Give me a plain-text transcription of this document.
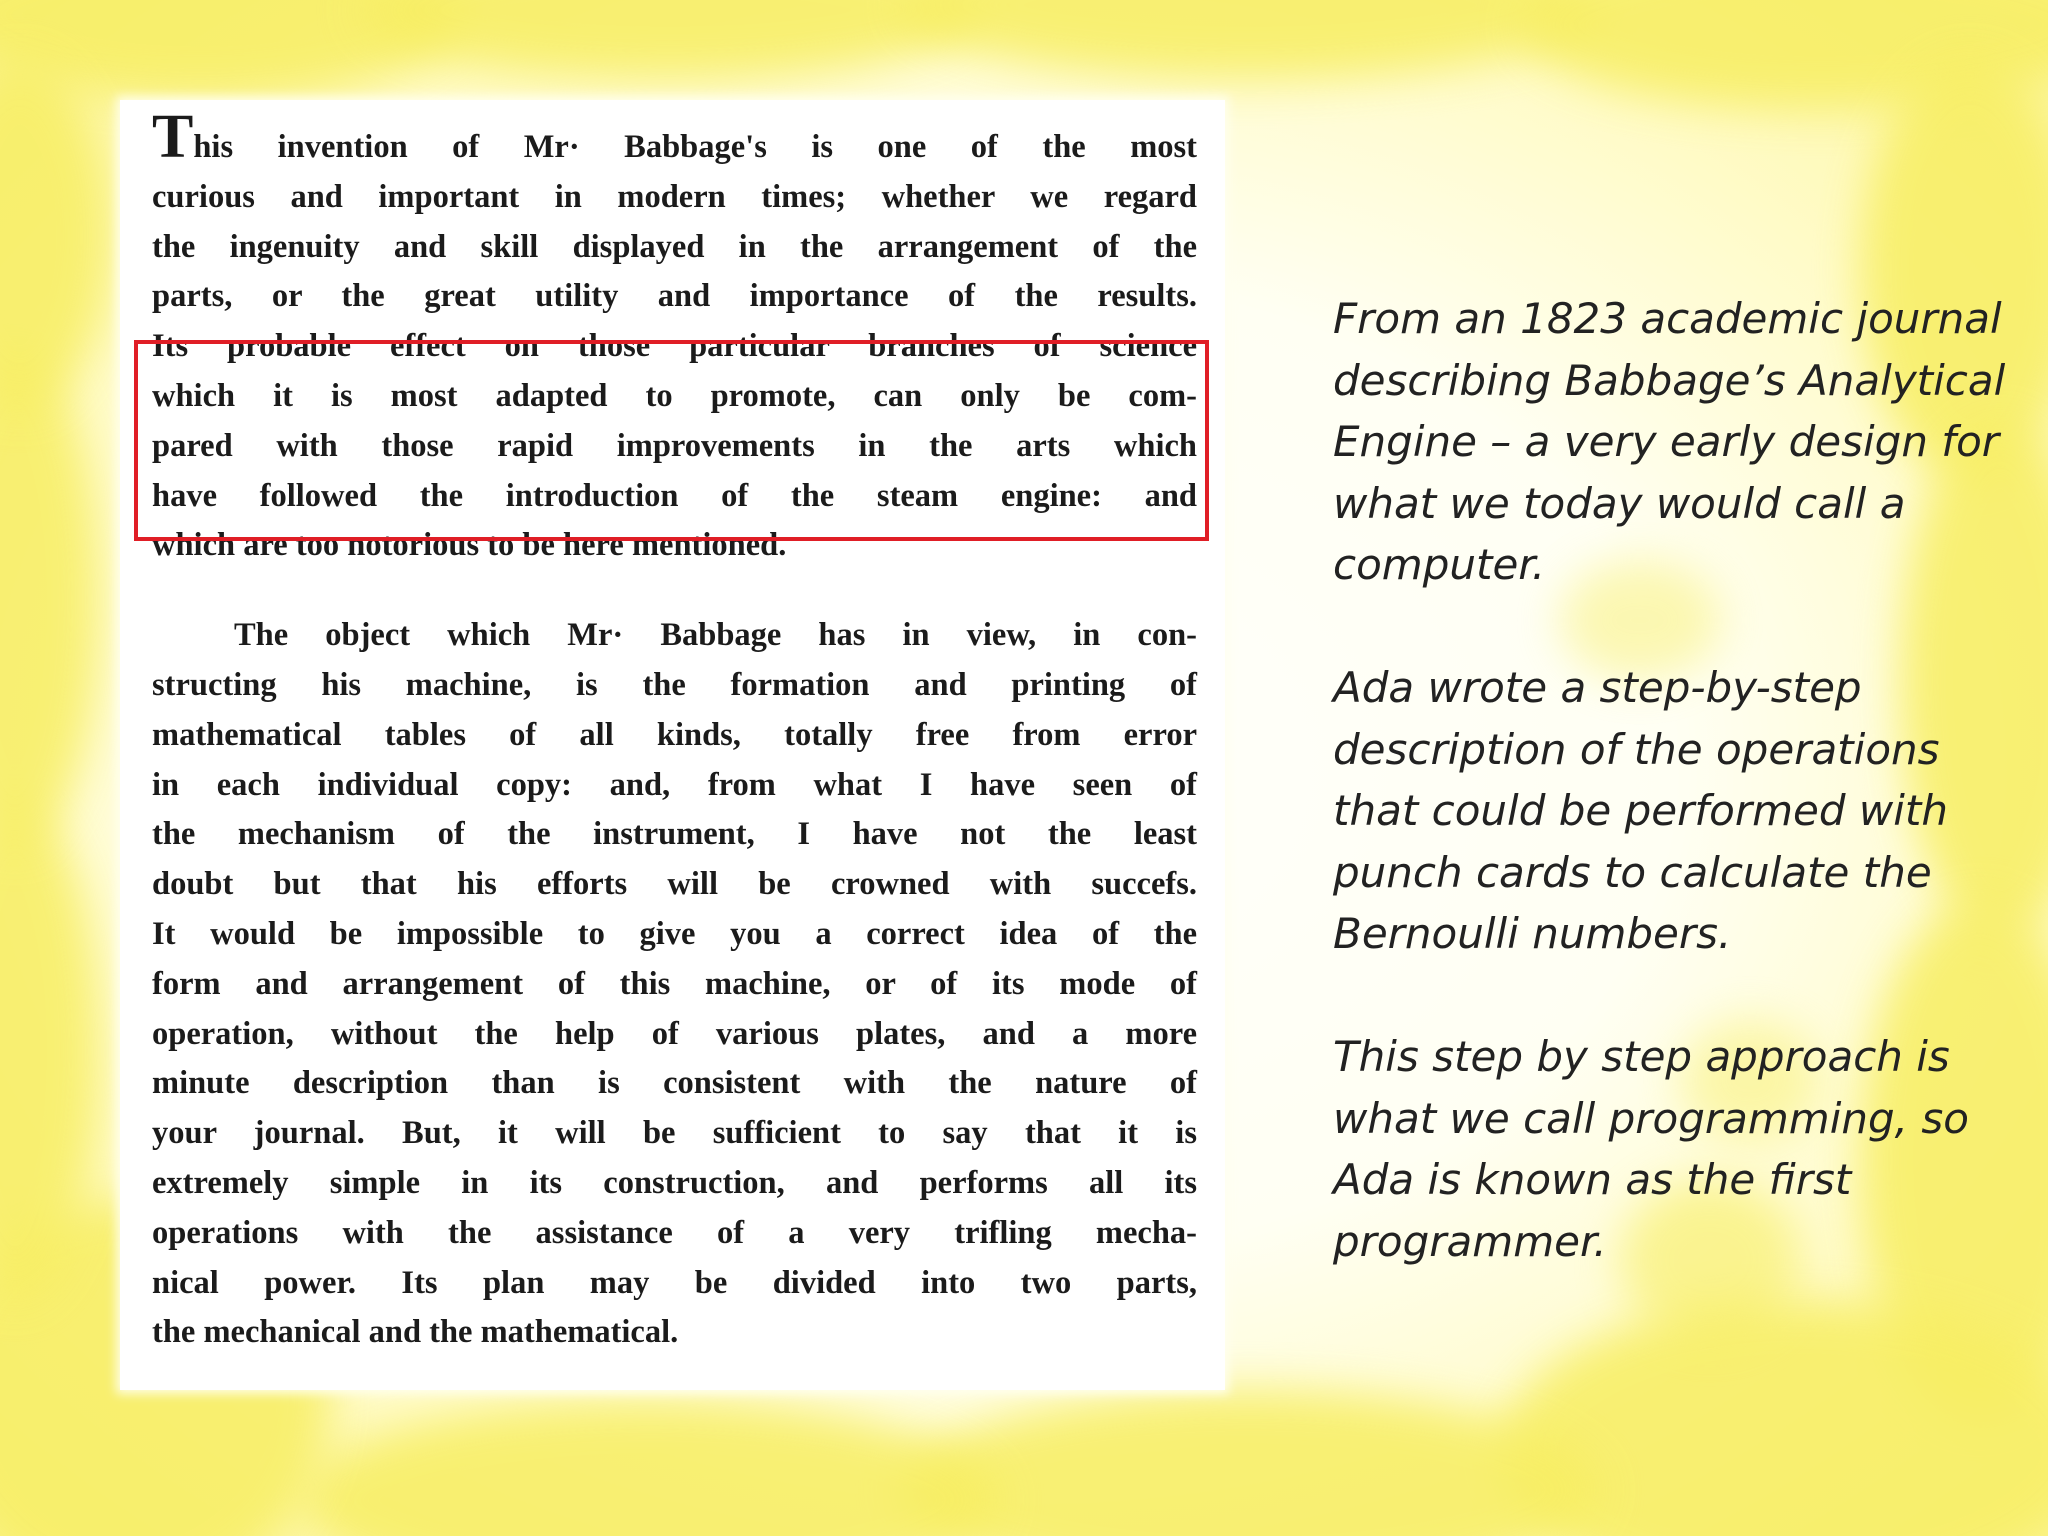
This invention of Mr· Babbage's is one of the most
curious and important in modern times; whether we regard
the ingenuity and skill displayed in the arrangement of the
parts, or the great utility and importance of the results.
Its probable effect on those particular branches of science
which it is most adapted to promote, can only be com-
pared with those rapid improvements in the arts which
have followed the introduction of the steam engine: and
which are too notorious to be here mentioned.

The object which Mr· Babbage has in view, in con-
structing his machine, is the formation and printing of
mathematical tables of all kinds, totally free from error
in each individual copy: and, from what I have seen of
the mechanism of the instrument, I have not the least
doubt but that his efforts will be crowned with succefs.
It would be impossible to give you a correct idea of the
form and arrangement of this machine, or of its mode of
operation, without the help of various plates, and a more
minute description than is consistent with the nature of
your journal. But, it will be sufficient to say that it is
extremely simple in its construction, and performs all its
operations with the assistance of a very trifling mecha-
nical power. Its plan may be divided into two parts,
the mechanical and the mathematical.

From an 1823 academic journal describing Babbage’s Analytical Engine – a very early design for what we today would call a computer.

Ada wrote a step-by-step description of the operations that could be performed with punch cards to calculate the Bernoulli numbers.

This step by step approach is what we call programming, so Ada is known as the first programmer.
